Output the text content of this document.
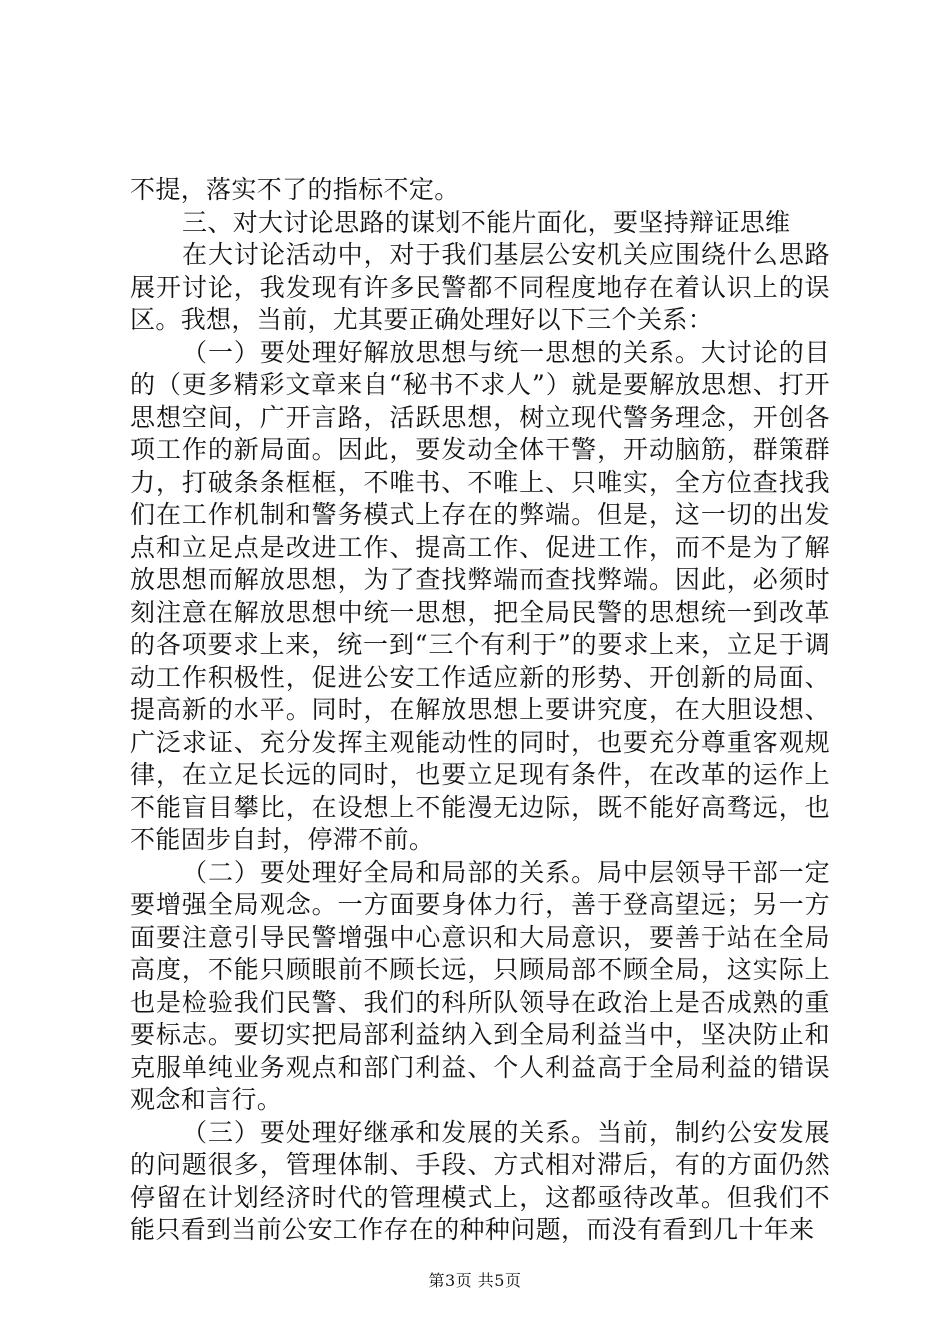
不提，落实不了的指标不定。

三、对大讨论思路的谋划不能片面化，要坚持辩证思维

在大讨论活动中，对于我们基层公安机关应围绕什么思路展开讨论，我发现有许多民警都不同程度地存在着认识上的误区。我想，当前，尤其要正确处理好以下三个关系：

（一）要处理好解放思想与统一思想的关系。大讨论的目的（更多精彩文章来自“秘书不求人”）就是要解放思想、打开思想空间，广开言路，活跃思想，树立现代警务理念，开创各项工作的新局面。因此，要发动全体干警，开动脑筋，群策群力，打破条条框框，不唯书、不唯上、只唯实，全方位查找我们在工作机制和警务模式上存在的弊端。但是，这一切的出发点和立足点是改进工作、提高工作、促进工作，而不是为了解放思想而解放思想，为了查找弊端而查找弊端。因此，必须时刻注意在解放思想中统一思想，把全局民警的思想统一到改革的各项要求上来，统一到“三个有利于”的要求上来，立足于调动工作积极性，促进公安工作适应新的形势、开创新的局面、提高新的水平。同时，在解放思想上要讲究度，在大胆设想、广泛求证、充分发挥主观能动性的同时，也要充分尊重客观规律，在立足长远的同时，也要立足现有条件，在改革的运作上不能盲目攀比，在设想上不能漫无边际，既不能好高骛远，也不能固步自封，停滞不前。

（二）要处理好全局和局部的关系。局中层领导干部一定要增强全局观念。一方面要身体力行，善于登高望远；另一方面要注意引导民警增强中心意识和大局意识，要善于站在全局高度，不能只顾眼前不顾长远，只顾局部不顾全局，这实际上也是检验我们民警、我们的科所队领导在政治上是否成熟的重要标志。要切实把局部利益纳入到全局利益当中，坚决防止和克服单纯业务观点和部门利益、个人利益高于全局利益的错误观念和言行。

（三）要处理好继承和发展的关系。当前，制约公安发展的问题很多，管理体制、手段、方式相对滞后，有的方面仍然停留在计划经济时代的管理模式上，这都亟待改革。但我们不能只看到当前公安工作存在的种种问题，而没有看到几十年来

第3页 共5页
